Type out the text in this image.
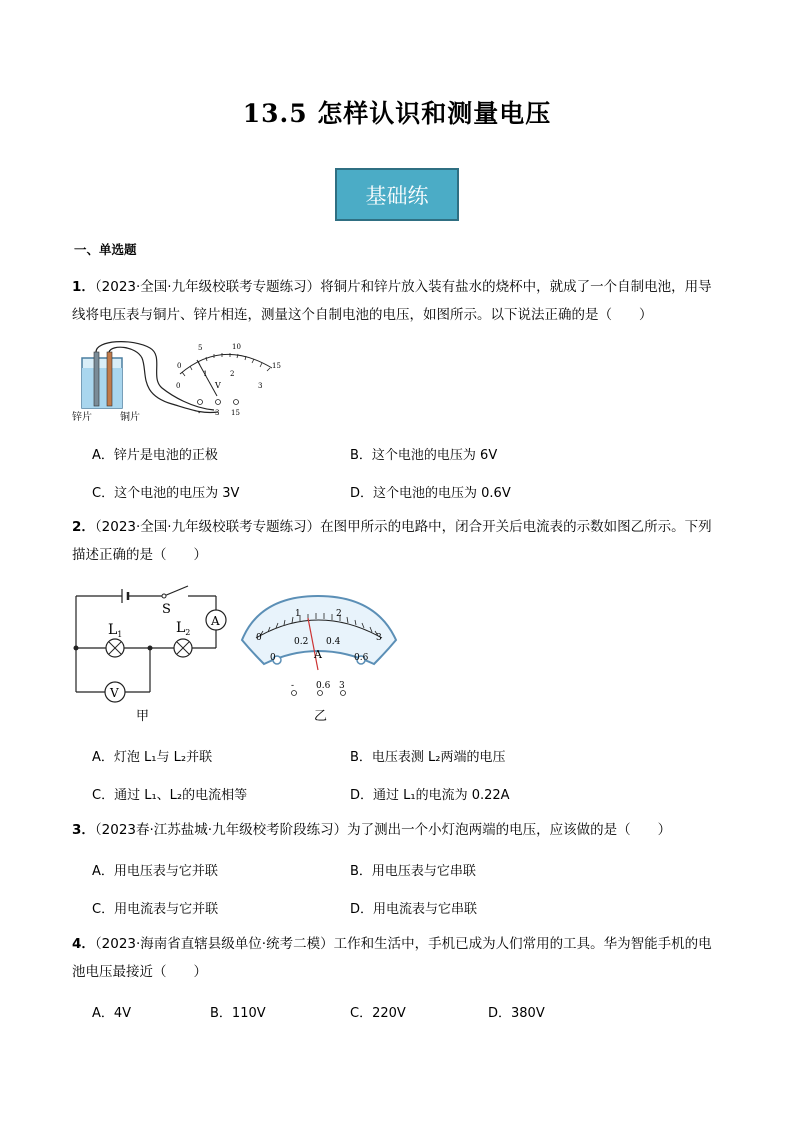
13.5 怎样认识和测量电压
基础练
一、单选题
1．（2023·全国·九年级校联考专题练习）将铜片和锌片放入装有盐水的烧杯中，就成了一个自制电池，用导线将电压表与铜片、锌片相连，测量这个自制电池的电压，如图所示。以下说法正确的是（　　）
0
5	10
15
0
1	2
3
V
- 3 15
锌片	铜片
A．锌片是电池的正极	B．这个电池的电压为 6V
C．这个电池的电压为 3V	D．这个电池的电压为 0.6V
2．（2023·全国·九年级校联考专题练习）在图甲所示的电路中，闭合开关后电流表的示数如图乙所示。下列描述正确的是（　　）
A
V
S
$L_1$	$L_2$
甲
0
1	2
3
0
0.2 0.4
0.6
A
- 0.6 3
乙
A．灯泡 L₁与 L₂并联	B．电压表测 L₂两端的电压
C．通过 L₁、L₂的电流相等	D．通过 L₁的电流为 0.22A
3．（2023春·江苏盐城·九年级校考阶段练习）为了测出一个小灯泡两端的电压，应该做的是（　　）
A．用电压表与它并联	B．用电压表与它串联
C．用电流表与它并联	D．用电流表与它串联
4．（2023·海南省直辖县级单位·统考二模）工作和生活中，手机已成为人们常用的工具。华为智能手机的电池电压最接近（　　）
A．4V	B．110V	C．220V	D．380V
